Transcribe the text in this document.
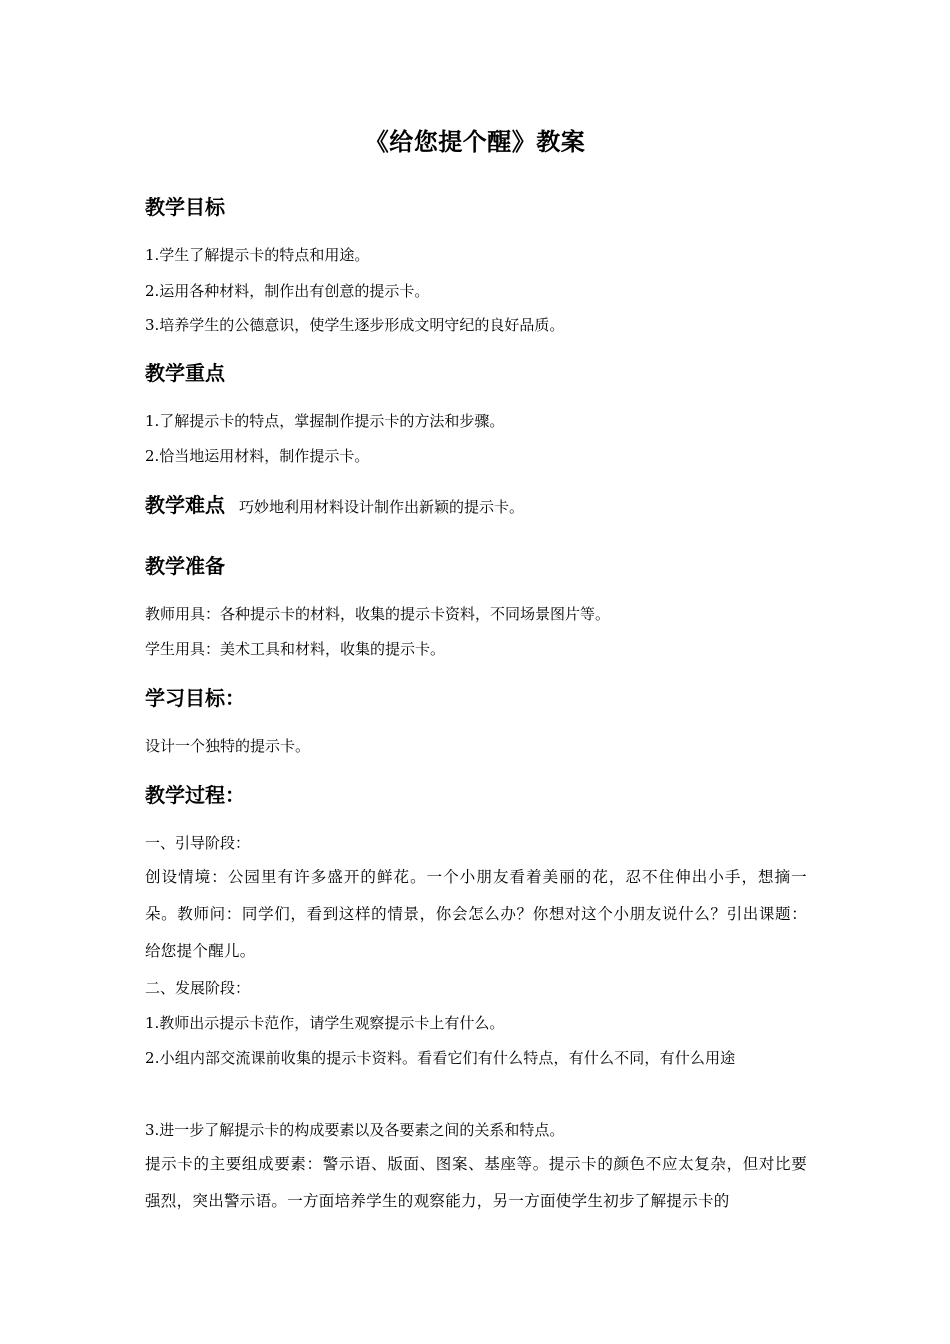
《给您提个醒》教案
教学目标
1.学生了解提示卡的特点和用途。
2.运用各种材料，制作出有创意的提示卡。
3.培养学生的公德意识，使学生逐步形成文明守纪的良好品质。
教学重点
1.了解提示卡的特点，掌握制作提示卡的方法和步骤。
2.恰当地运用材料，制作提示卡。
教学难点 巧妙地利用材料设计制作出新颖的提示卡。
教学准备
教师用具：各种提示卡的材料，收集的提示卡资料，不同场景图片等。
学生用具：美术工具和材料，收集的提示卡。
学习目标：
设计一个独特的提示卡。
教学过程：
一、引导阶段：
创设情境：公园里有许多盛开的鲜花。一个小朋友看着美丽的花，忍不住伸出小手，想摘一朵。教师问：同学们，看到这样的情景，你会怎么办？你想对这个小朋友说什么？引出课题：给您提个醒儿。
二、发展阶段：
1.教师出示提示卡范作，请学生观察提示卡上有什么。
2.小组内部交流课前收集的提示卡资料。看看它们有什么特点，有什么不同，有什么用途
3.进一步了解提示卡的构成要素以及各要素之间的关系和特点。
提示卡的主要组成要素：警示语、版面、图案、基座等。提示卡的颜色不应太复杂，但对比要强烈，突出警示语。一方面培养学生的观察能力，另一方面使学生初步了解提示卡的
